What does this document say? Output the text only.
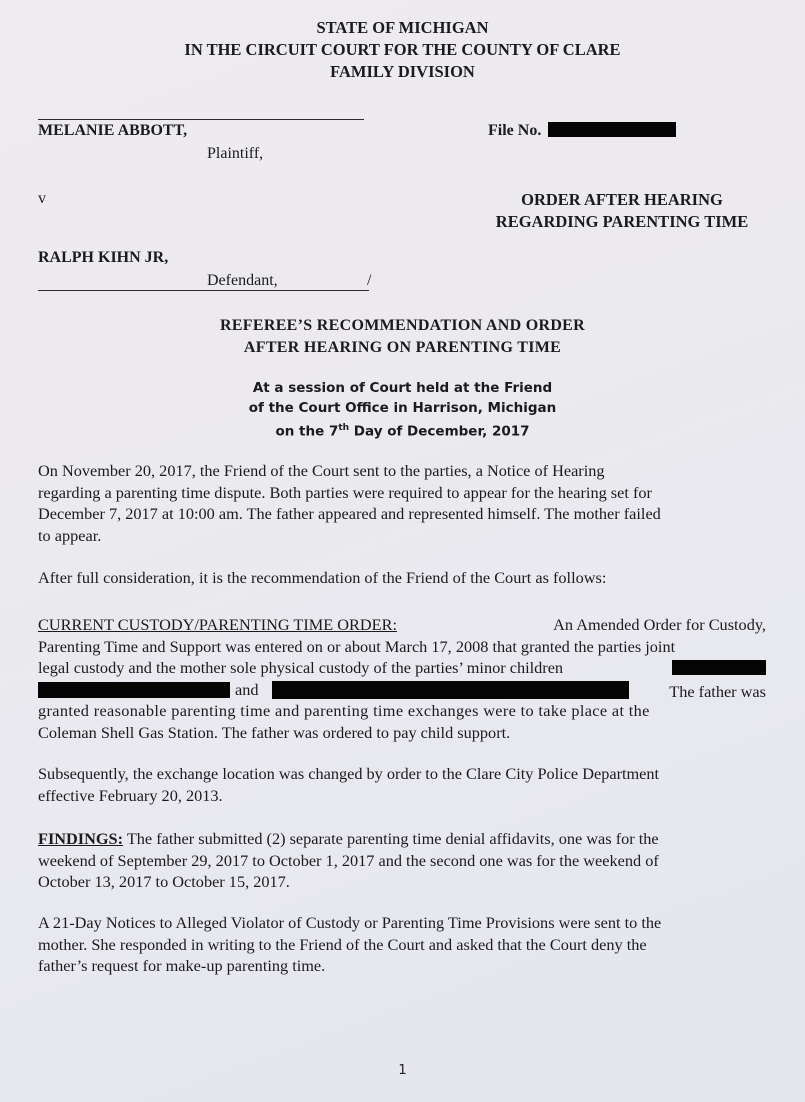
STATE OF MICHIGAN
IN THE CIRCUIT COURT FOR THE COUNTY OF CLARE
FAMILY DIVISION
MELANIE ABBOTT,
Plaintiff,
File No.
v	ORDER AFTER HEARING
REGARDING PARENTING TIME
RALPH KIHN JR,
Defendant,	/
REFEREE’S RECOMMENDATION AND ORDER
AFTER HEARING ON PARENTING TIME
At a session of Court held at the Friend
of the Court Office in Harrison, Michigan
on the 7th Day of December, 2017
On November 20, 2017, the Friend of the Court sent to the parties, a Notice of Hearing
regarding a parenting time dispute. Both parties were required to appear for the hearing set for
December 7, 2017 at 10:00 am. The father appeared and represented himself. The mother failed
to appear.
After full consideration, it is the recommendation of the Friend of the Court as follows:
CURRENT CUSTODY/PARENTING TIME ORDER:	An Amended Order for Custody,
Parenting Time and Support was entered on or about March 17, 2008 that granted the parties joint
legal custody and the mother sole physical custody of the parties’ minor children
and	The father was
granted reasonable parenting time and parenting time exchanges were to take place at the
Coleman Shell Gas Station. The father was ordered to pay child support.
Subsequently, the exchange location was changed by order to the Clare City Police Department
effective February 20, 2013.
FINDINGS: The father submitted (2) separate parenting time denial affidavits, one was for the
weekend of September 29, 2017 to October 1, 2017 and the second one was for the weekend of
October 13, 2017 to October 15, 2017.
A 21-Day Notices to Alleged Violator of Custody or Parenting Time Provisions were sent to the
mother. She responded in writing to the Friend of the Court and asked that the Court deny the
father’s request for make-up parenting time.
1
